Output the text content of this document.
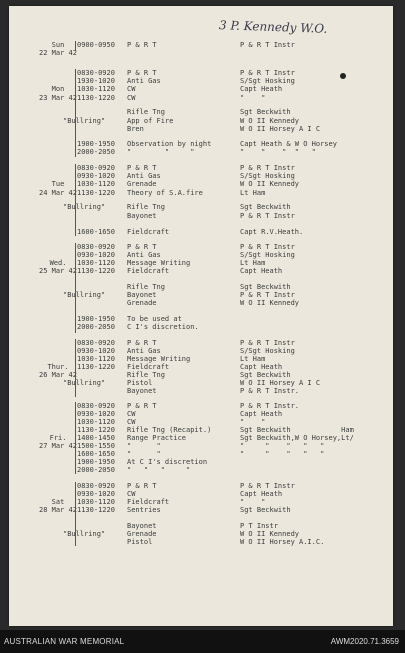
3 P. Kennedy W.O.
Sun	0900-0950 P & R T	P & R T Instr
22 Mar 42
0830-0920 P & R T	P & R T Instr
1930-1020 Anti Gas	S/Sgt Hosking
Mon	1030-1120 CW	Capt Heath
23 Mar 42 1130-1220 CW	"    "
Rifle Tng	Sgt Beckwith
"Bullring"	App of Fire	W O II Kennedy
Bren	W O II Horsey A I C
1900-1950 Observation by night	Capt Heath & W O Horsey
2000-2050 "        "     "	"    "    "  "   "
0830-0920 P & R T	P & R T Instr
0930-1020 Anti Gas	S/Sgt Hosking
Tue	1030-1120 Grenade	W O II Kennedy
24 Mar 42 1130-1220 Theory of S.A.fire	Lt Ham
"Bullring"	Rifle Tng	Sgt Beckwith
Bayonet	P & R T Instr
1600-1650 Fieldcraft	Capt R.V.Heath.
0830-0920 P & R T	P & R T Instr
0930-1020 Anti Gas	S/Sgt Hosking
Wed.	1030-1120 Message Writing	Lt Ham
25 Mar 42 1130-1220 Fieldcraft	Capt Heath
Rifle Tng	Sgt Beckwith
"Bullring"	Bayonet	P & R T Instr
Grenade	W O II Kennedy
1900-1950 To be used at
2000-2050 C I's discretion.
0830-0920 P & R T	P & R T Instr
0930-1020 Anti Gas	S/Sgt Hosking
1030-1120 Message Writing	Lt Ham
Thur.	1130-1220 Fieldcraft	Capt Heath
26 Mar 42	Rifle Tng	Sgt Beckwith
"Bullring"	Pistol	W O II Horsey A I C
Bayonet	P & R T Instr.
0830-0920 P & R T	P & R T Instr.
0930-1020 CW	Capt Heath
1030-1120 CW	"    "
1130-1220 Rifle Tng (Recapit.)	Sgt Beckwith            Ham
Fri.	1400-1450 Range Practice	Sgt Beckwith,W O Horsey,Lt/
27 Mar 42 1500-1550 "      "	"     "    "   "   "
1600-1650 "      "	"     "    "   "   "
1900-1950 At C I's discretion
2000-2050 "   "   "     "
0830-0920 P & R T	P & R T Instr
0930-1020 CW	Capt Heath
Sat	1030-1120 Fieldcraft	"    "
28 Mar 42 1130-1220 Sentries	Sgt Beckwith
Bayonet	P T Instr
"Bullring"	Grenade	W O II Kennedy
Pistol	W O II Horsey A.I.C.
AUSTRALIAN WAR MEMORIAL	AWM2020.71.3659
